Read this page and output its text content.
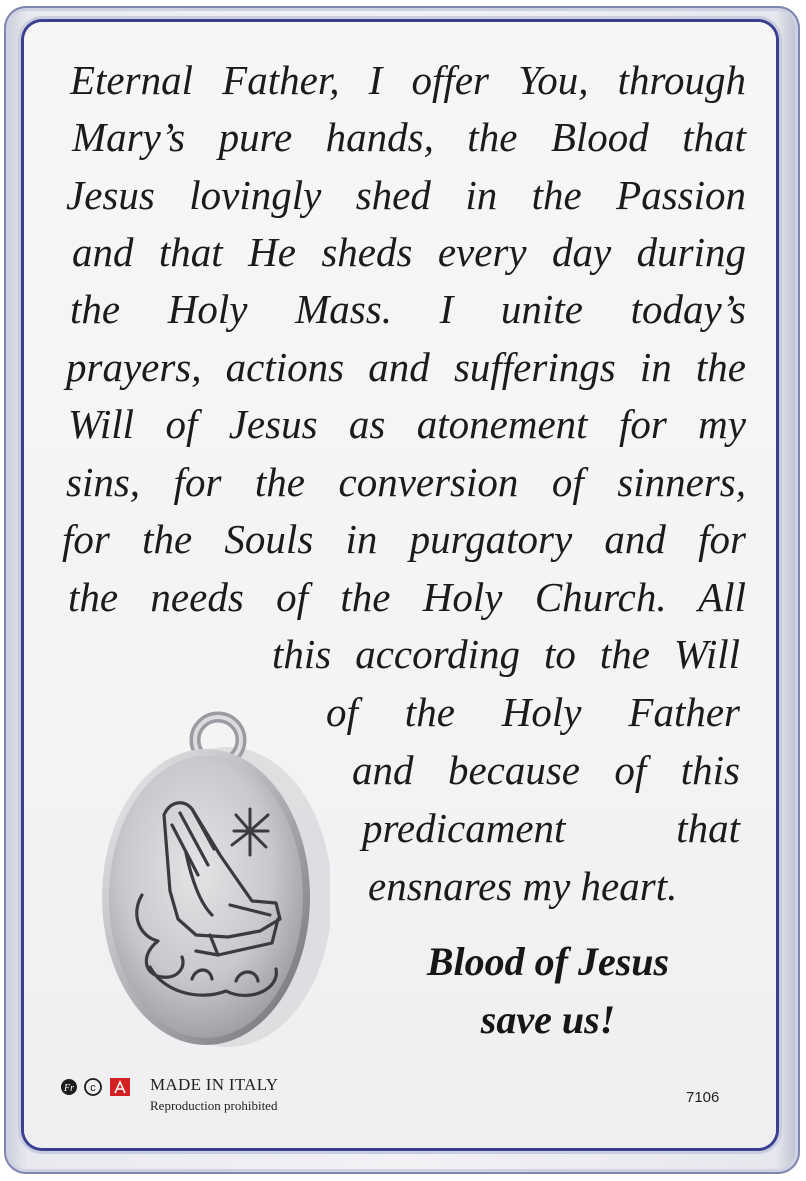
Eternal Father, I offer You, through
Mary’s pure hands, the Blood that
Jesus lovingly shed in the Passion
and that He sheds every day during
the Holy Mass. I unite today’s
prayers, actions and sufferings in the
Will of Jesus as atonement for my
sins, for the conversion of sinners,
for the Souls in purgatory and for
the needs of the Holy Church. All
this according to the Will
of the Holy Father
and because of this
predicament that
ensnares my heart.
Blood of Jesus
save us!
Fr c	MADE IN ITALY
Reproduction prohibited	7106
